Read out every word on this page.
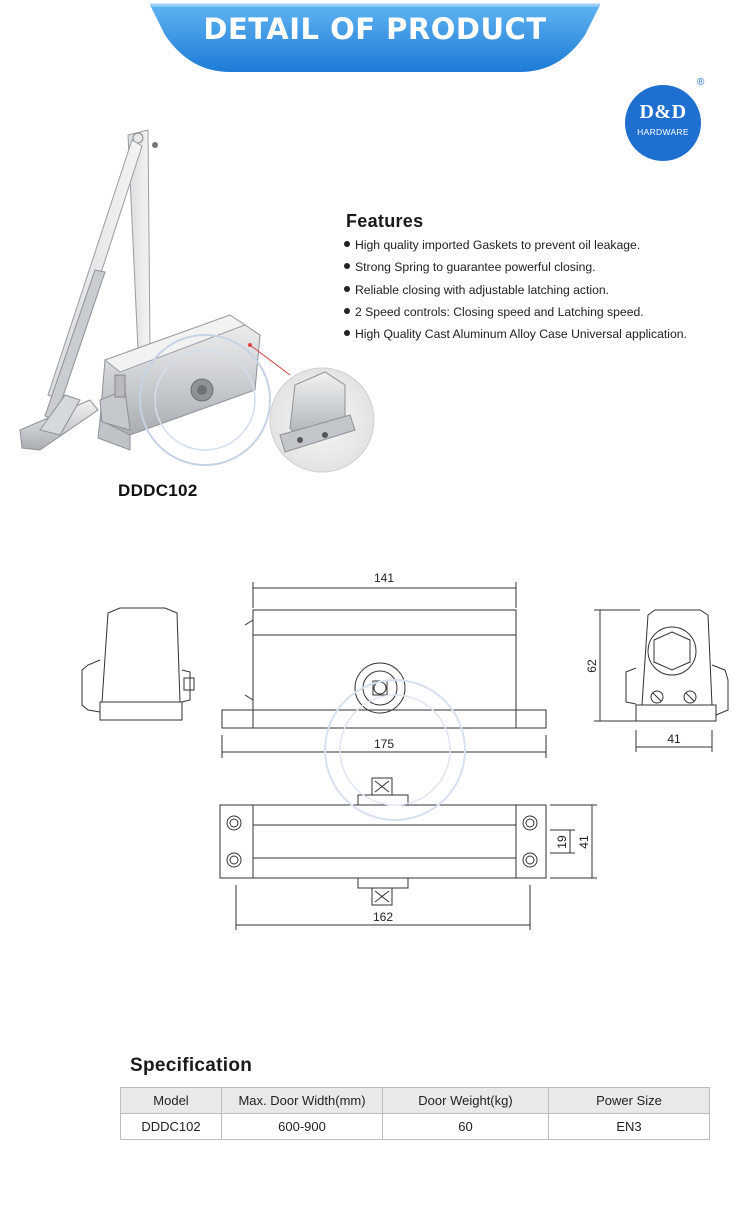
DETAIL OF PRODUCT
D&D
HARDWARE
®
Features
High quality imported Gaskets to prevent oil leakage.
Strong Spring to guarantee powerful closing.
Reliable closing with adjustable latching action.
2 Speed controls: Closing speed and Latching speed.
High Quality Cast Aluminum Alloy Case Universal application.
DDDC102
141
175	41
62
162
19 41
Specification
Model	Max. Door Width(mm)	Door Weight(kg)	Power Size
DDDC102	600-900	60	EN3
